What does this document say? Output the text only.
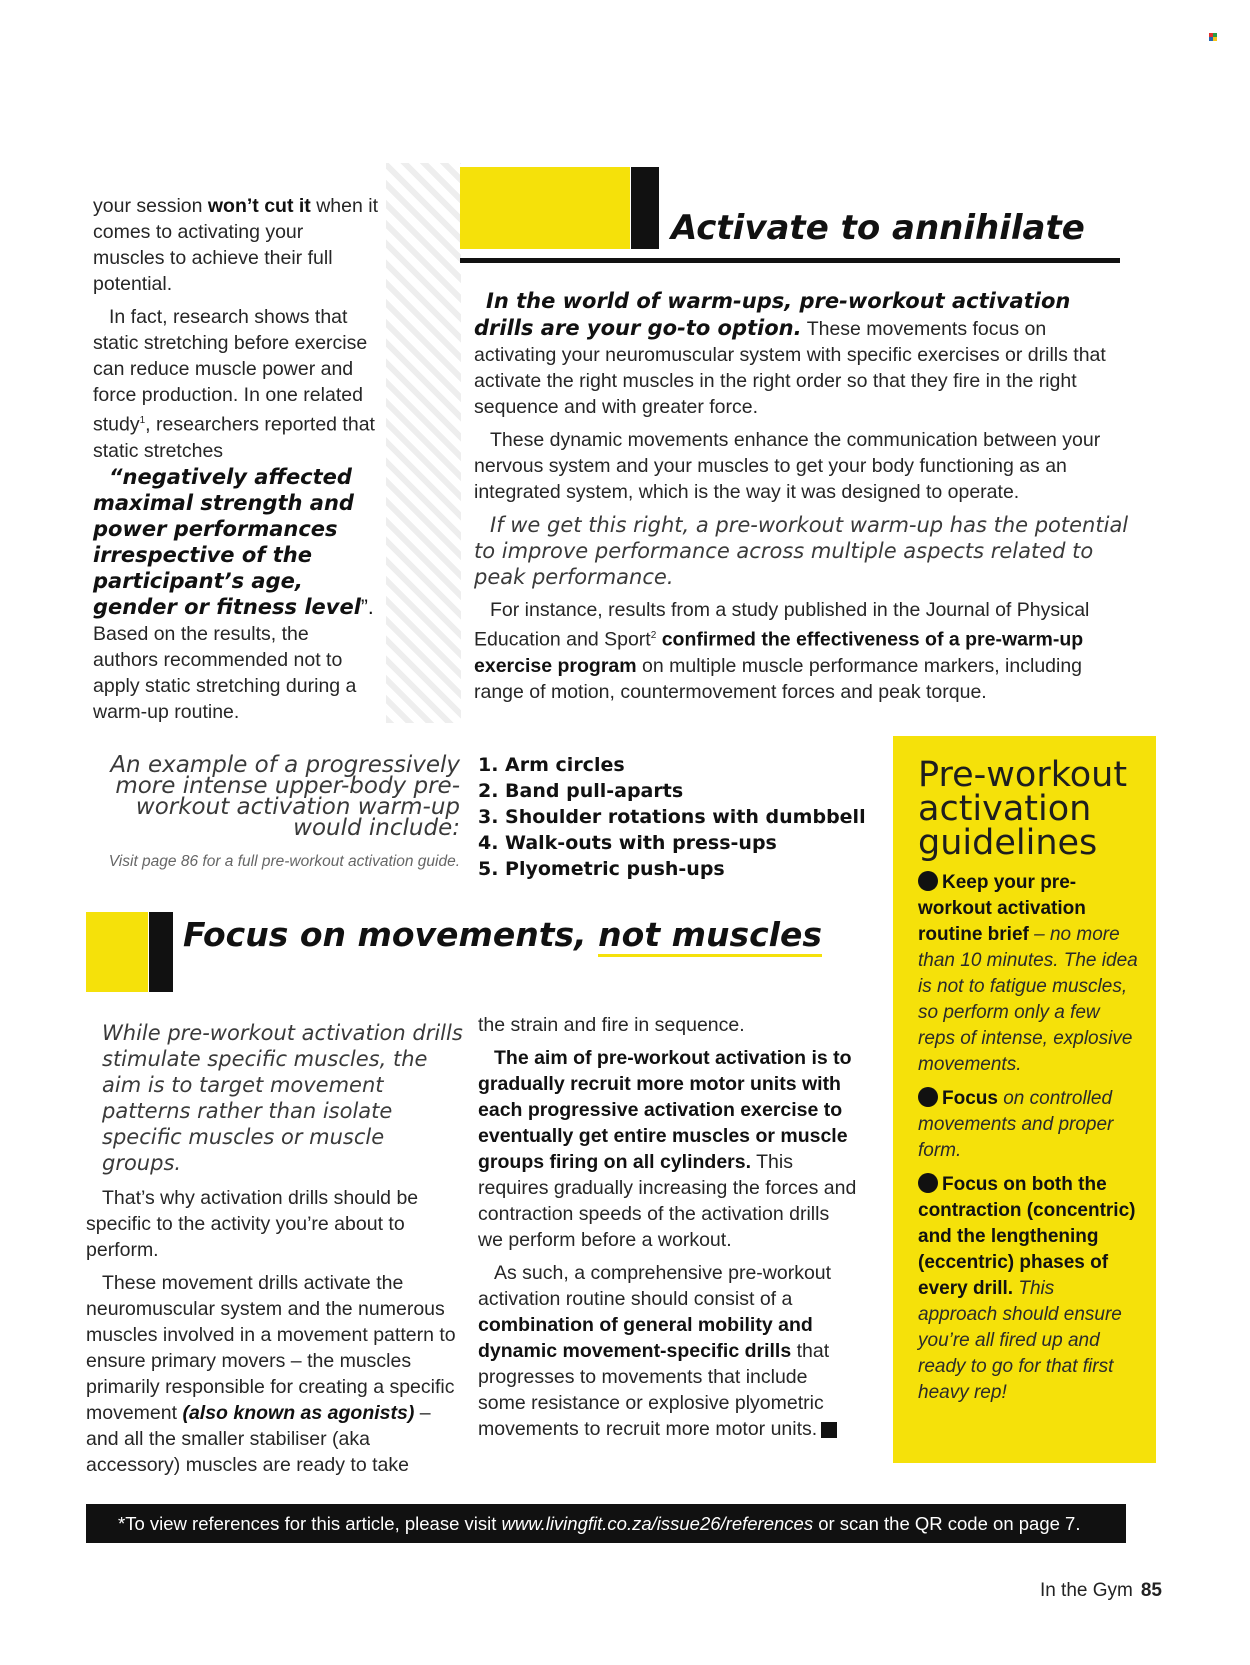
your session won’t cut it when it comes to activating your muscles to achieve their full potential.

In fact, research shows that static stretching before exercise can reduce muscle power and force production. In one related study$^1$, researchers reported that static stretches
“negatively affected maximal strength and power performances irrespective of the participant’s age, gender or fitness level”.
Based on the results, the authors recommended not to apply static stretching during a warm-up routine.

Activate to annihilate

In the world of warm-ups, pre-workout activation drills are your go-to option. These movements focus on activating your neuromuscular system with specific exercises or drills that activate the right muscles in the right order so that they fire in the right sequence and with greater force.

These dynamic movements enhance the communication between your nervous system and your muscles to get your body functioning as an integrated system, which is the way it was designed to operate.

If we get this right, a pre-workout warm-up has the potential to improve performance across multiple aspects related to peak performance.

For instance, results from a study published in the Journal of Physical Education and Sport$^2$ confirmed the effectiveness of a pre-warm-up exercise program on multiple muscle performance markers, including range of motion, countermovement forces and peak torque.

An example of a progressively more intense upper-body pre-workout activation warm-up would include:
Visit page 86 for a full pre-workout activation guide.
1. Arm circles
2. Band pull-aparts
3. Shoulder rotations with dumbbell
4. Walk-outs with press-ups
5. Plyometric push-ups
Focus on movements, not muscles
While pre-workout activation drills stimulate specific muscles, the aim is to target movement patterns rather than isolate specific muscles or muscle groups.

That’s why activation drills should be specific to the activity you’re about to perform.

These movement drills activate the neuromuscular system and the numerous muscles involved in a movement pattern to ensure primary movers – the muscles primarily responsible for creating a specific movement (also known as agonists) – and all the smaller stabiliser (aka accessory) muscles are ready to take

the strain and fire in sequence.

The aim of pre-workout activation is to gradually recruit more motor units with each progressive activation exercise to eventually get entire muscles or muscle groups firing on all cylinders. This requires gradually increasing the forces and contraction speeds of the activation drills we perform before a workout.

As such, a comprehensive pre-workout activation routine should consist of a combination of general mobility and dynamic movement-specific drills that progresses to movements that include some resistance or explosive plyometric movements to recruit more motor units. LF

Pre-workout activation guidelines
Keep your pre-workout activation routine brief – no more than 10 minutes. The idea is not to fatigue muscles, so perform only a few reps of intense, explosive movements.
Focus on controlled movements and proper form.
Focus on both the contraction (concentric) and the lengthening (eccentric) phases of every drill. This approach should ensure you’re all fired up and ready to go for that first heavy rep!
*To view references for this article, please visit www.livingfit.co.za/issue26/references or scan the QR code on page 7.
In the Gym 85
